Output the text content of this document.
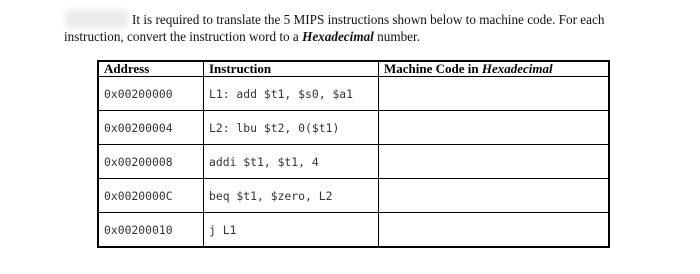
It is required to translate the 5 MIPS instructions shown below to machine code. For each
instruction, convert the instruction word to a Hexadecimal number.
Address	Instruction	Machine Code in Hexadecimal
0x00200000	L1: add $t1, $s0, $a1	
0x00200004	L2: lbu $t2, 0($t1)	
0x00200008	addi $t1, $t1, 4	
0x0020000C	beq $t1, $zero, L2	
0x00200010	j L1	
